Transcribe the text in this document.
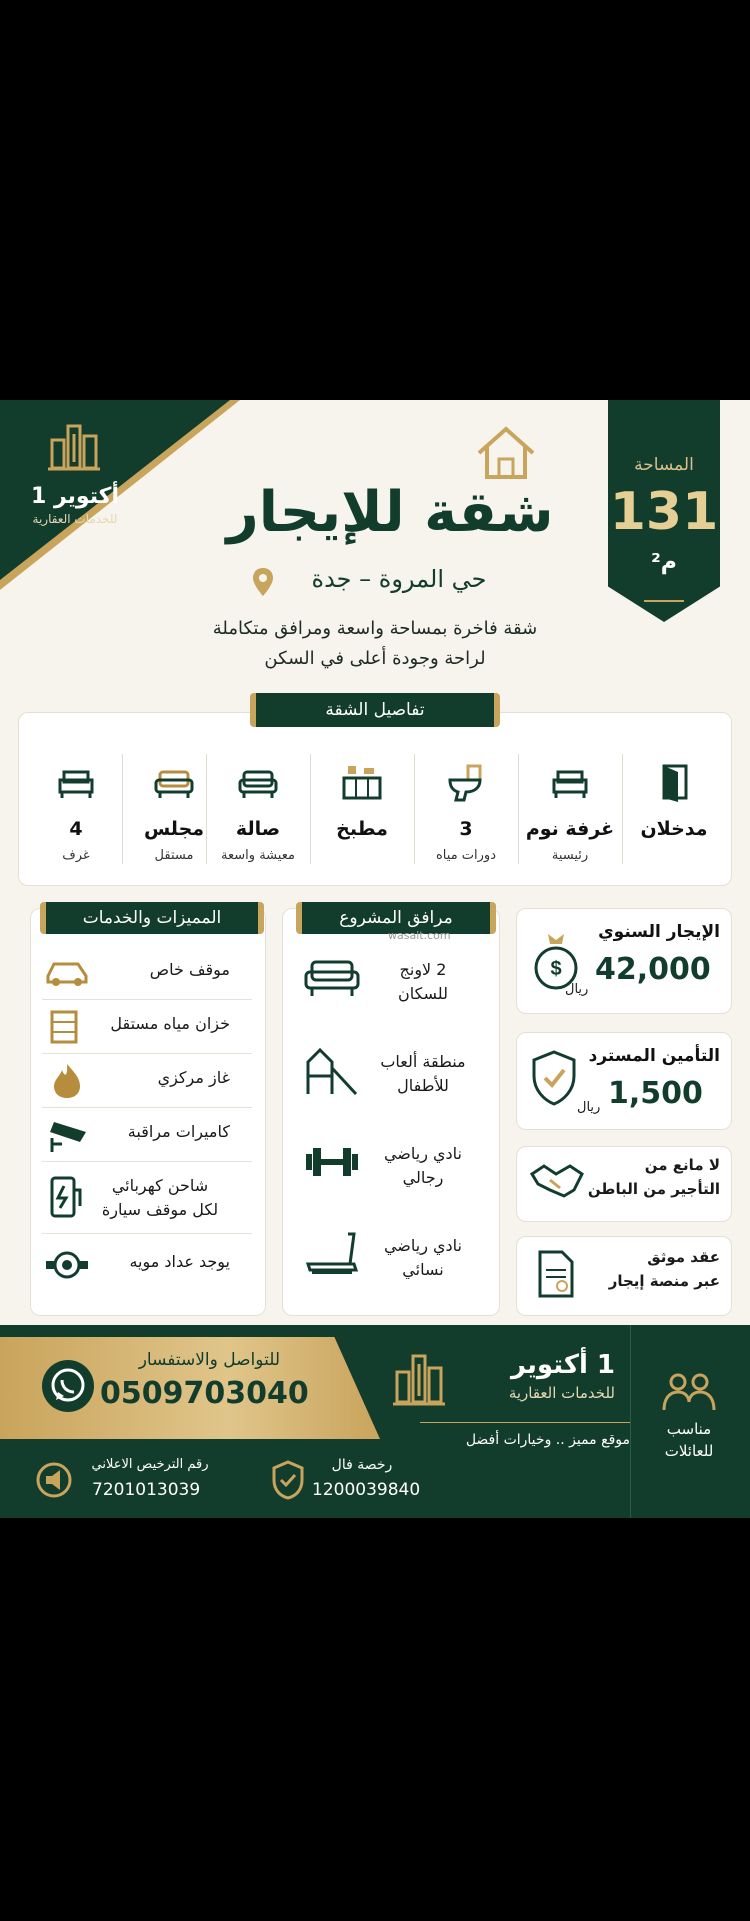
1 أكتوير
للخدمات العقارية
المساحة
131
م²
شقة للإيجار
حي المروة – جدة
شقة فاخرة بمساحة واسعة ومرافق متكاملة
لراحة وجودة أعلى في السكن
تفاصيل الشقة
مدخلان
غرفة نوم
رئيسية
3
دورات مياه
مطبخ
صالة
معيشة واسعة
مجلس
مستقل
4
غرف
الإيجار السنوي
42,000
ريال
$
التأمين المسترد
1,500
ريال
لا مانع من
التأجير من الباطن
عقد موثق
عبر منصة إيجار
مرافق المشروع
wasalt.com
2 لاونج
للسكان
منطقة ألعاب
للأطفال
نادي رياضي
رجالي
نادي رياضي
نسائي
المميزات والخدمات
موقف خاص
خزان مياه مستقل
غاز مركزي
كاميرات مراقبة
شاحن كهربائي
لكل موقف سيارة
يوجد عداد مويه
للتواصل والاستفسار
0509703040
1 أكتوير
للخدمات العقارية
موقع مميز .. وخيارات أفضل
مناسب
للعائلات
رخصة فال
1200039840
رقم الترخيص الاعلاني
7201013039
